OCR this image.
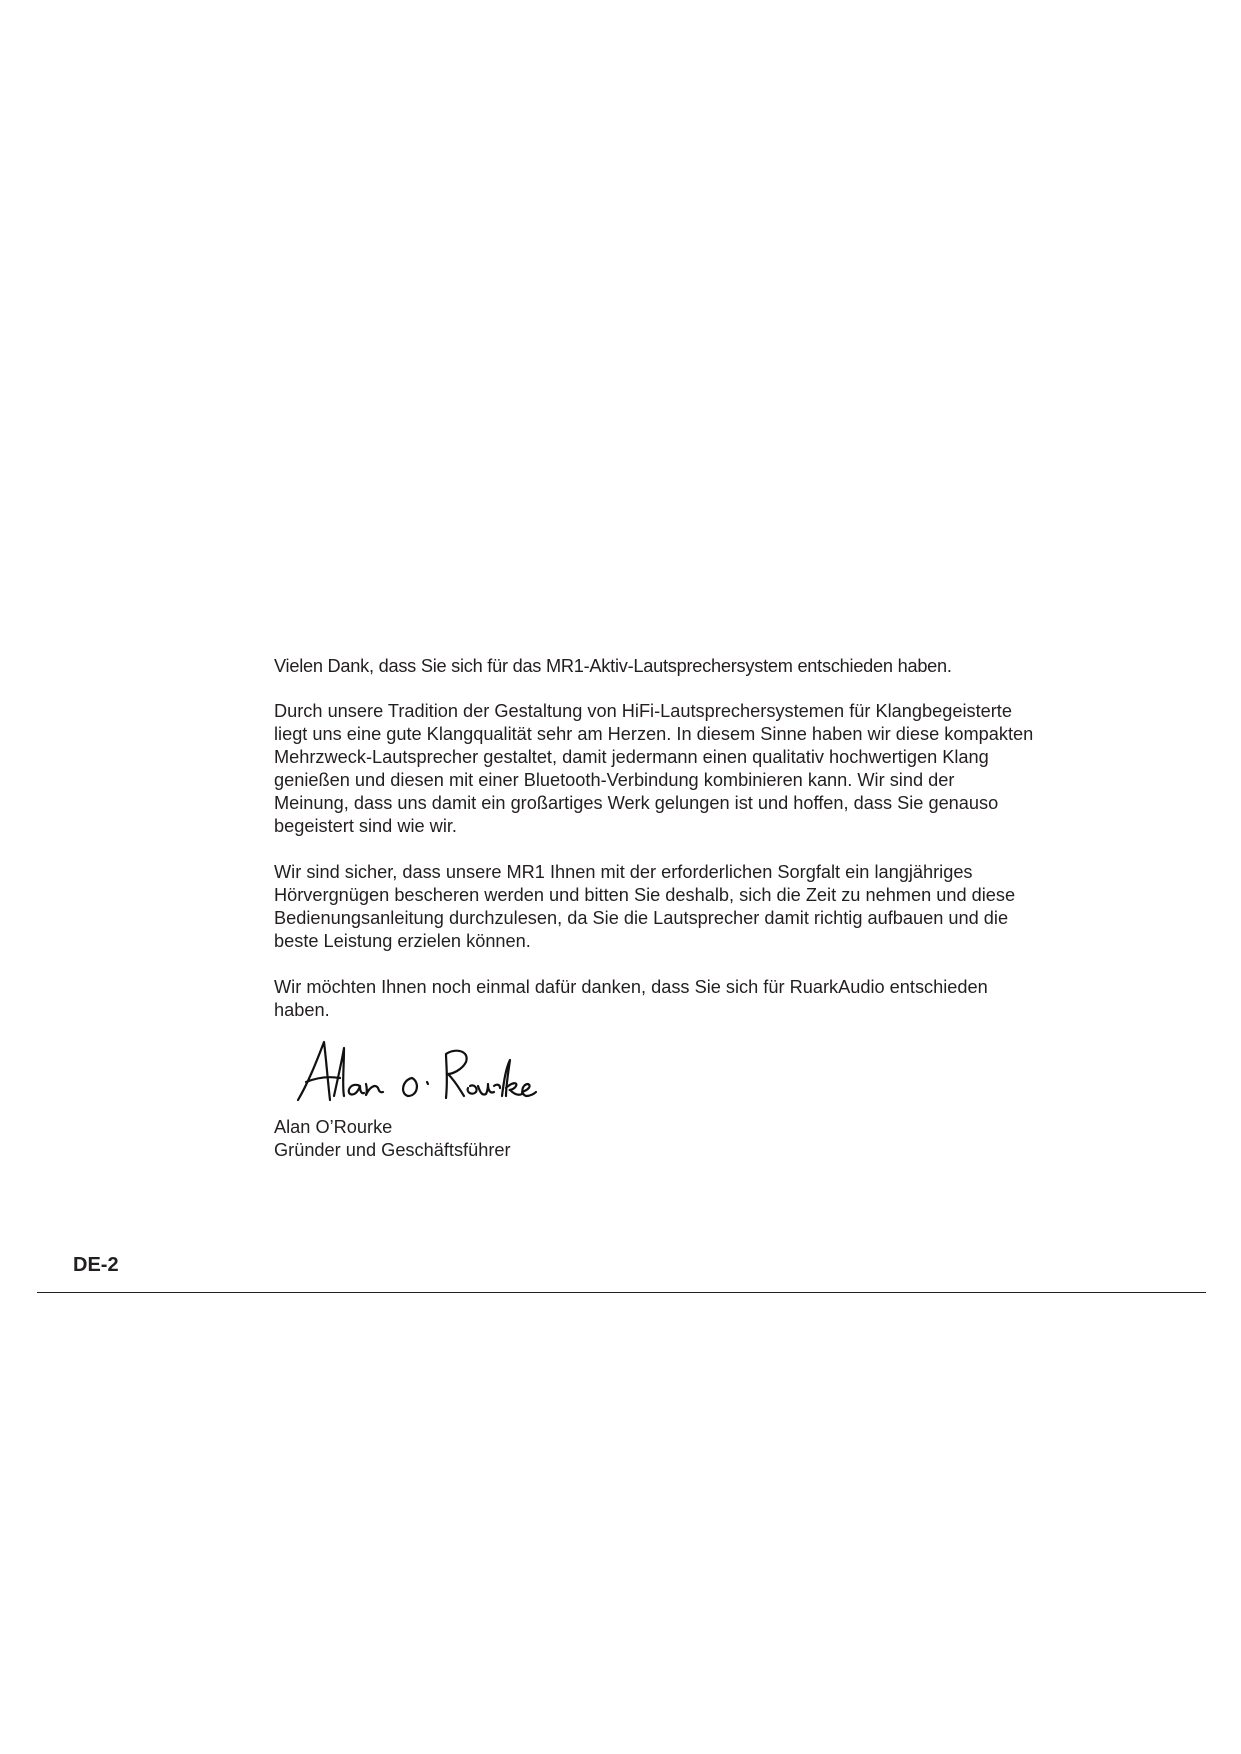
Vielen Dank, dass Sie sich für das MR1-Aktiv-Lautsprechersystem entschieden haben.

Durch unsere Tradition der Gestaltung von HiFi-Lautsprechersystemen für Klangbegeisterte liegt uns eine gute Klangqualität sehr am Herzen. In diesem Sinne haben wir diese kompakten Mehrzweck-Lautsprecher gestaltet, damit jedermann einen qualitativ hochwertigen Klang genießen und diesen mit einer Bluetooth-Verbindung kombinieren kann. Wir sind der Meinung, dass uns damit ein großartiges Werk gelungen ist und hoffen, dass Sie genauso begeistert sind wie wir.

Wir sind sicher, dass unsere MR1 Ihnen mit der erforderlichen Sorgfalt ein langjähriges Hörvergnügen bescheren werden und bitten Sie deshalb, sich die Zeit zu nehmen und diese Bedienungsanleitung durchzulesen, da Sie die Lautsprecher damit richtig aufbauen und die beste Leistung erzielen können.

Wir möchten Ihnen noch einmal dafür danken, dass Sie sich für RuarkAudio entschieden haben.

Alan O’Rourke
Gründer und Geschäftsführer
DE-2
